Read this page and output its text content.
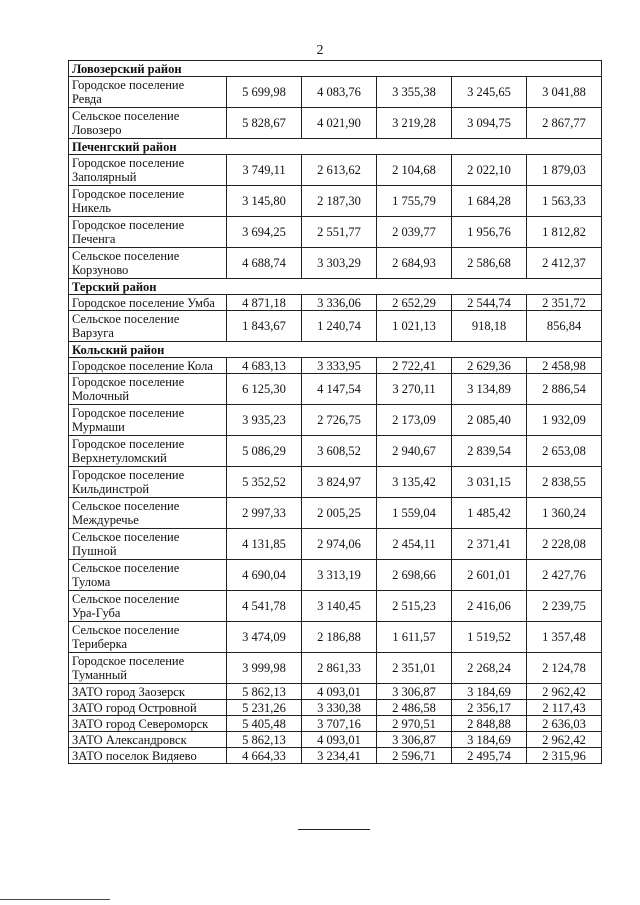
2
Ловозерский район					
Городское поселение
Ревда	5 699,98	4 083,76	3 355,38	3 245,65	3 041,88
Сельское поселение
Ловозеро	5 828,67	4 021,90	3 219,28	3 094,75	2 867,77
Печенгский район					
Городское поселение
Заполярный	3 749,11	2 613,62	2 104,68	2 022,10	1 879,03
Городское поселение
Никель	3 145,80	2 187,30	1 755,79	1 684,28	1 563,33
Городское поселение
Печенга	3 694,25	2 551,77	2 039,77	1 956,76	1 812,82
Сельское поселение
Корзуново	4 688,74	3 303,29	2 684,93	2 586,68	2 412,37
Терский район					
Городское поселение Умба	4 871,18	3 336,06	2 652,29	2 544,74	2 351,72
Сельское поселение
Варзуга	1 843,67	1 240,74	1 021,13	918,18	856,84
Кольский район					
Городское поселение Кола	4 683,13	3 333,95	2 722,41	2 629,36	2 458,98
Городское поселение
Молочный	6 125,30	4 147,54	3 270,11	3 134,89	2 886,54
Городское поселение
Мурмаши	3 935,23	2 726,75	2 173,09	2 085,40	1 932,09
Городское поселение
Верхнетуломский	5 086,29	3 608,52	2 940,67	2 839,54	2 653,08
Городское поселение
Кильдинстрой	5 352,52	3 824,97	3 135,42	3 031,15	2 838,55
Сельское поселение
Междуречье	2 997,33	2 005,25	1 559,04	1 485,42	1 360,24
Сельское поселение
Пушной	4 131,85	2 974,06	2 454,11	2 371,41	2 228,08
Сельское поселение
Тулома	4 690,04	3 313,19	2 698,66	2 601,01	2 427,76
Сельское поселение
Ура-Губа	4 541,78	3 140,45	2 515,23	2 416,06	2 239,75
Сельское поселение
Териберка	3 474,09	2 186,88	1 611,57	1 519,52	1 357,48
Городское поселение
Туманный	3 999,98	2 861,33	2 351,01	2 268,24	2 124,78
ЗАТО город Заозерск	5 862,13	4 093,01	3 306,87	3 184,69	2 962,42
ЗАТО город Островной	5 231,26	3 330,38	2 486,58	2 356,17	2 117,43
ЗАТО город Североморск	5 405,48	3 707,16	2 970,51	2 848,88	2 636,03
ЗАТО Александровск	5 862,13	4 093,01	3 306,87	3 184,69	2 962,42
ЗАТО поселок Видяево	4 664,33	3 234,41	2 596,71	2 495,74	2 315,96
